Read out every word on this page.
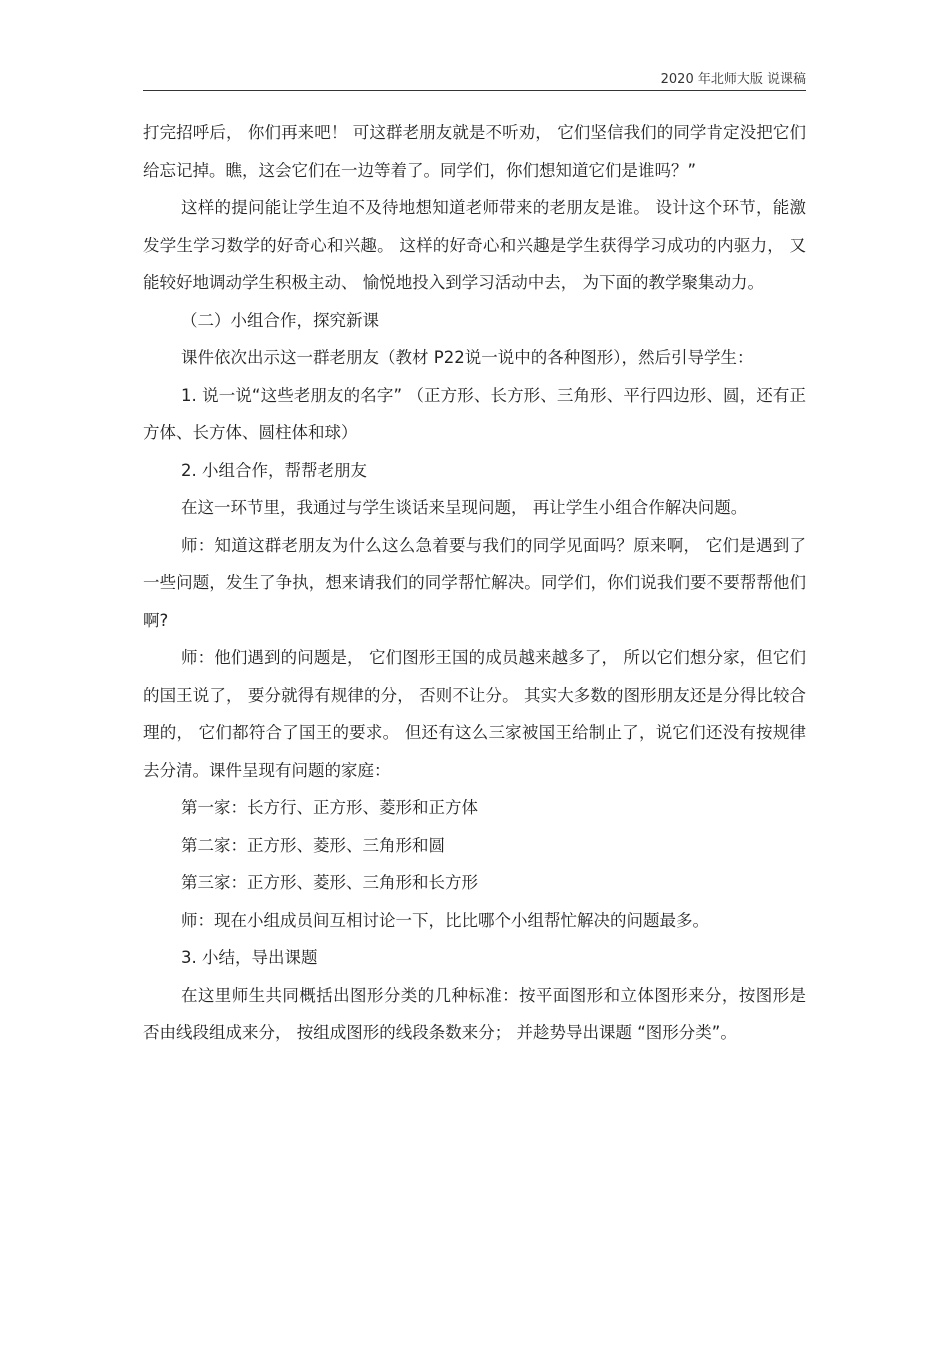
2020 年北师大版 说课稿

打完招呼后， 你们再来吧！ 可这群老朋友就是不听劝， 它们坚信我们的同学肯定没把它们给忘记掉。瞧，这会它们在一边等着了。同学们，你们想知道它们是谁吗？”

这样的提问能让学生迫不及待地想知道老师带来的老朋友是谁。 设计这个环节，能激发学生学习数学的好奇心和兴趣。 这样的好奇心和兴趣是学生获得学习成功的内驱力， 又能较好地调动学生积极主动、 愉悦地投入到学习活动中去， 为下面的教学聚集动力。

（二）小组合作，探究新课

课件依次出示这一群老朋友（教材 P22说一说中的各种图形），然后引导学生：

1. 说一说“这些老朋友的名字” （正方形、长方形、三角形、平行四边形、圆，还有正方体、长方体、圆柱体和球）

2. 小组合作，帮帮老朋友

在这一环节里，我通过与学生谈话来呈现问题， 再让学生小组合作解决问题。

师：知道这群老朋友为什么这么急着要与我们的同学见面吗？原来啊， 它们是遇到了一些问题，发生了争执，想来请我们的同学帮忙解决。同学们，你们说我们要不要帮帮他们啊?

师：他们遇到的问题是， 它们图形王国的成员越来越多了， 所以它们想分家，但它们的国王说了， 要分就得有规律的分， 否则不让分。 其实大多数的图形朋友还是分得比较合理的， 它们都符合了国王的要求。 但还有这么三家被国王给制止了，说它们还没有按规律去分清。课件呈现有问题的家庭：

第一家：长方行、正方形、菱形和正方体

第二家：正方形、菱形、三角形和圆

第三家：正方形、菱形、三角形和长方形

师：现在小组成员间互相讨论一下，比比哪个小组帮忙解决的问题最多。

3. 小结，导出课题

在这里师生共同概括出图形分类的几种标准：按平面图形和立体图形来分，按图形是否由线段组成来分， 按组成图形的线段条数来分； 并趁势导出课题 “图形分类”。
